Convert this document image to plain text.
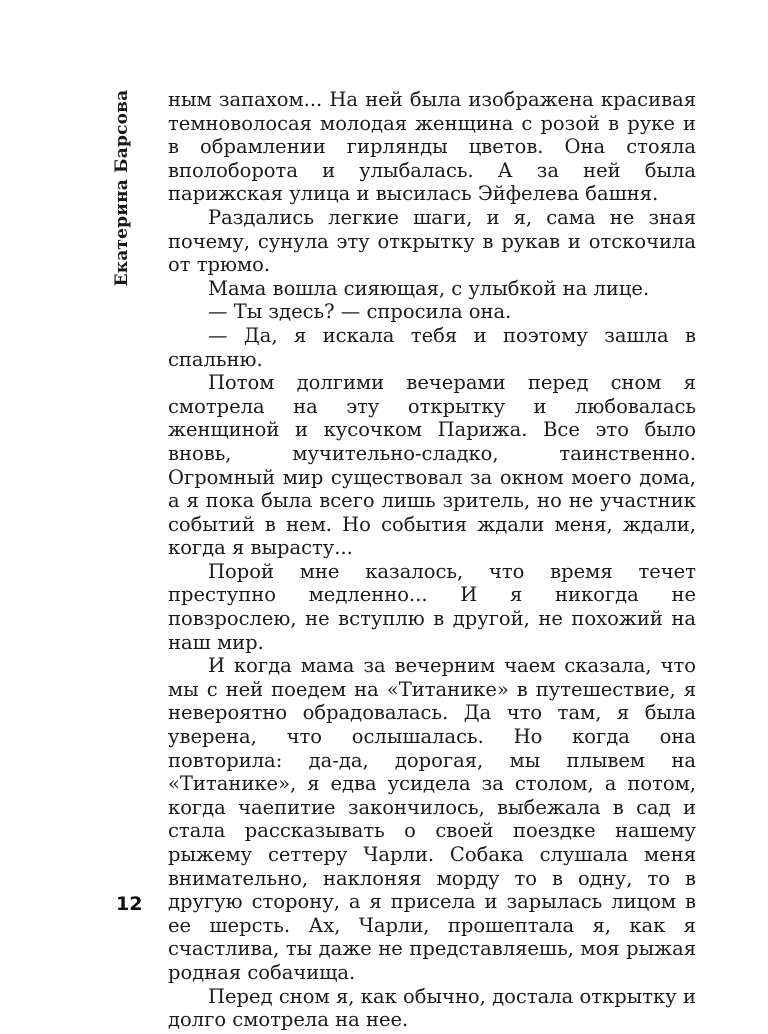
Екатерина Барсова ным запахом... На ней была изображена красивая темноволосая молодая женщина с розой в руке и в обрамлении гирлянды цветов. Она стояла вполоборота и улыбалась. А за ней была парижская улица и высилась Эйфелева башня.

Раздались легкие шаги, и я, сама не зная почему, сунула эту открытку в рукав и отскочила от трюмо.

Мама вошла сияющая, с улыбкой на лице.

— Ты здесь? — спросила она.

— Да, я искала тебя и поэтому зашла в спальню.

Потом долгими вечерами перед сном я смотрела на эту открытку и любовалась женщиной и кусочком Парижа. Все это было вновь, мучительно-сладко, таинственно. Огромный мир существовал за окном моего дома, а я пока была всего лишь зритель, но не участник событий в нем. Но события ждали меня, ждали, когда я вырасту...

Порой мне казалось, что время течет преступно медленно... И я никогда не повзрослею, не вступлю в другой, не похожий на наш мир.

И когда мама за вечерним чаем сказала, что мы с ней поедем на «Титанике» в путешествие, я невероятно обрадовалась. Да что там, я была уверена, что ослышалась. Но когда она повторила: да-да, дорогая, мы плывем на «Титанике», я едва усидела за столом, а потом, когда чаепитие закончилось, выбежала в сад и стала рассказывать о своей поездке нашему рыжему сеттеру Чарли. Собака слушала меня внимательно, наклоняя морду то в одну, то в другую сторону, а я присела и зарылась лицом в ее шерсть. Ах, Чарли, прошептала я, как я счастлива, ты даже не представляешь, моя рыжая родная собачища.

Перед сном я, как обычно, достала открытку и долго смотрела на нее.

12
